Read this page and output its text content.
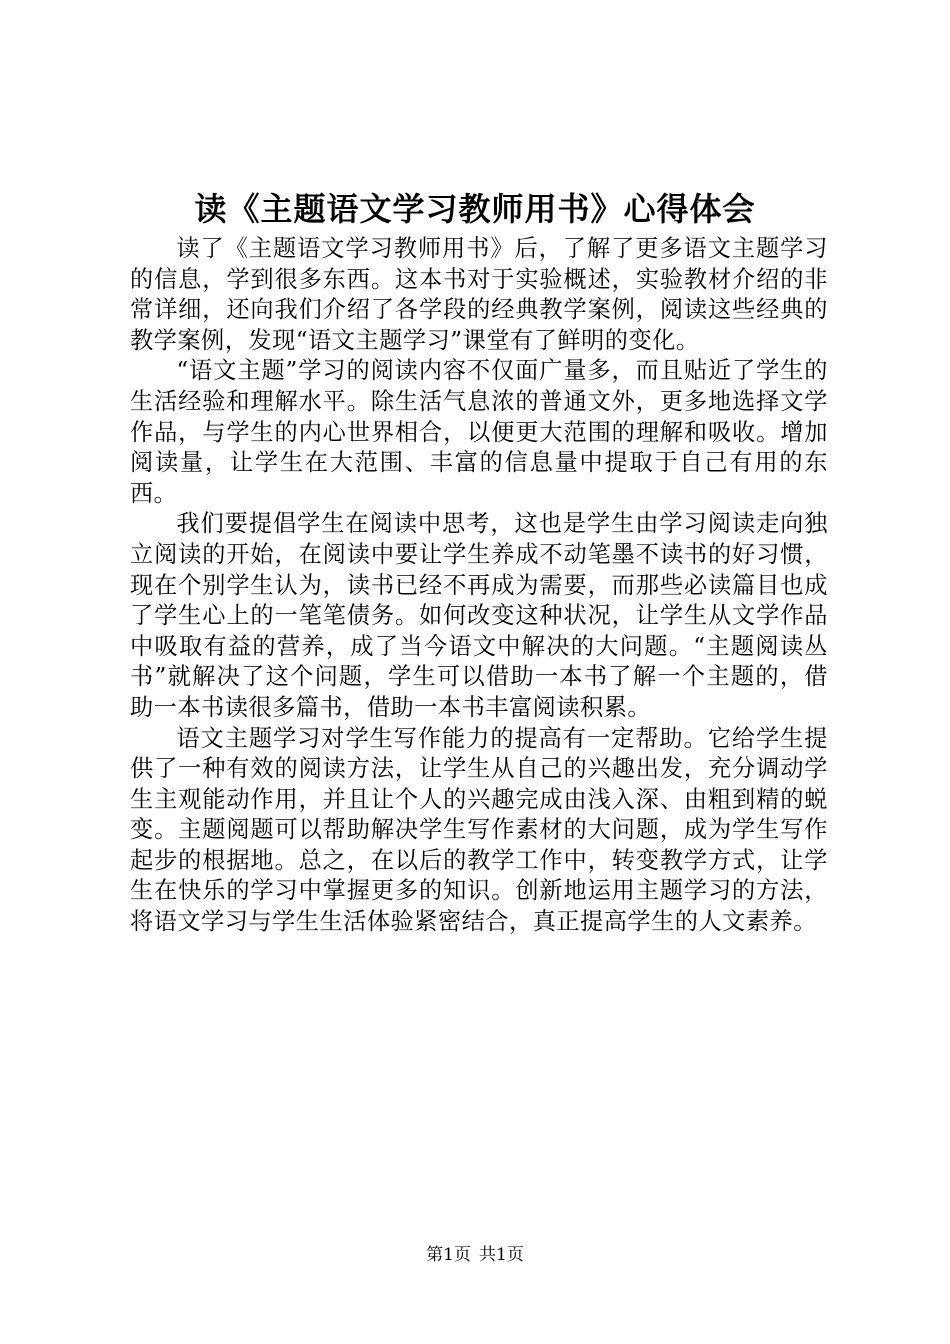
读《主题语文学习教师用书》心得体会

读了《主题语文学习教师用书》后，了解了更多语文主题学习的信息，学到很多东西。这本书对于实验概述，实验教材介绍的非常详细，还向我们介绍了各学段的经典教学案例，阅读这些经典的教学案例，发现“语文主题学习”课堂有了鲜明的变化。

“语文主题”学习的阅读内容不仅面广量多，而且贴近了学生的生活经验和理解水平。除生活气息浓的普通文外，更多地选择文学作品，与学生的内心世界相合，以便更大范围的理解和吸收。增加阅读量，让学生在大范围、丰富的信息量中提取于自己有用的东西。

我们要提倡学生在阅读中思考，这也是学生由学习阅读走向独立阅读的开始，在阅读中要让学生养成不动笔墨不读书的好习惯，现在个别学生认为，读书已经不再成为需要，而那些必读篇目也成了学生心上的一笔笔债务。如何改变这种状况，让学生从文学作品中吸取有益的营养，成了当今语文中解决的大问题。“主题阅读丛书”就解决了这个问题，学生可以借助一本书了解一个主题的，借助一本书读很多篇书，借助一本书丰富阅读积累。

语文主题学习对学生写作能力的提高有一定帮助。它给学生提供了一种有效的阅读方法，让学生从自己的兴趣出发，充分调动学生主观能动作用，并且让个人的兴趣完成由浅入深、由粗到精的蜕变。主题阅题可以帮助解决学生写作素材的大问题，成为学生写作起步的根据地。总之，在以后的教学工作中，转变教学方式，让学生在快乐的学习中掌握更多的知识。创新地运用主题学习的方法，将语文学习与学生生活体验紧密结合，真正提高学生的人文素养。

第1页 共1页
